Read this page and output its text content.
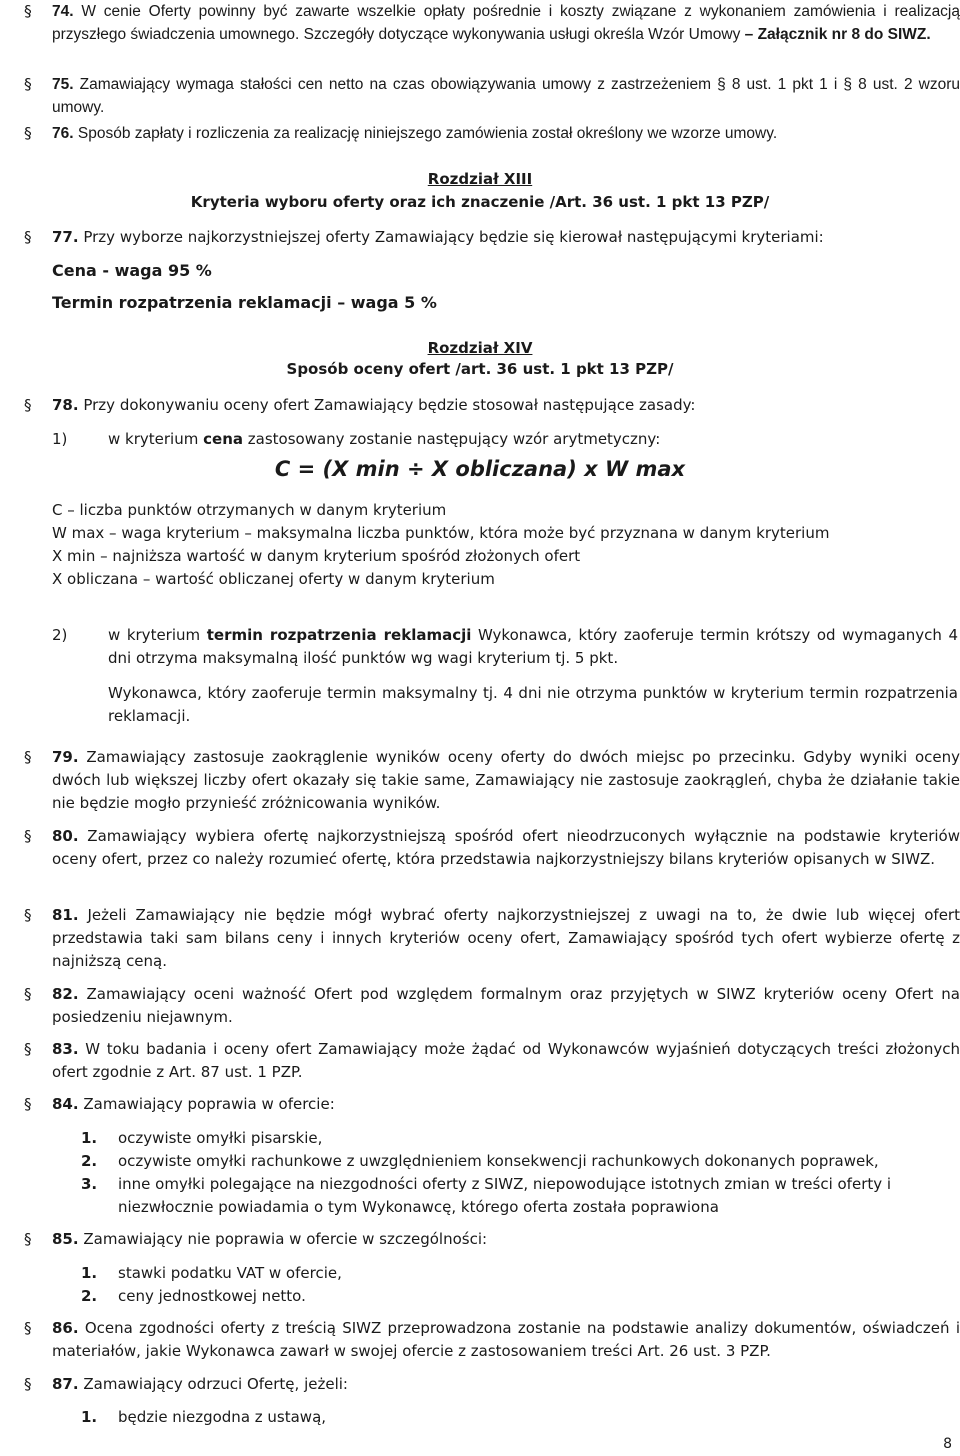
§ 74. W cenie Oferty powinny być zawarte wszelkie opłaty pośrednie i koszty związane z wykonaniem zamówienia i realizacją przyszłego świadczenia umownego. Szczegóły dotyczące wykonywania usługi określa Wzór Umowy – Załącznik nr 8 do SIWZ.
§ 75. Zamawiający wymaga stałości cen netto na czas obowiązywania umowy z zastrzeżeniem § 8 ust. 1 pkt 1 i § 8 ust. 2 wzoru umowy.
§ 76. Sposób zapłaty i rozliczenia za realizację niniejszego zamówienia został określony we wzorze umowy.
Rozdział XIII
Kryteria wyboru oferty oraz ich znaczenie /Art. 36 ust. 1 pkt 13 PZP/
§ 77. Przy wyborze najkorzystniejszej oferty Zamawiający będzie się kierował następującymi kryteriami:
Cena - waga 95 %
Termin rozpatrzenia reklamacji – waga 5 %
Rozdział XIV
Sposób oceny ofert /art. 36 ust. 1 pkt 13 PZP/
§ 78. Przy dokonywaniu oceny ofert Zamawiający będzie stosował następujące zasady:
1)	w kryterium cena zastosowany zostanie następujący wzór arytmetyczny:
C = (X min ÷ X obliczana) x W max
C – liczba punktów otrzymanych w danym kryterium
W max – waga kryterium – maksymalna liczba punktów, która może być przyznana w danym kryterium
X min – najniższa wartość w danym kryterium spośród złożonych ofert
X obliczana – wartość obliczanej oferty w danym kryterium
2)	w kryterium termin rozpatrzenia reklamacji Wykonawca, który zaoferuje termin krótszy od wymaganych 4 dni otrzyma maksymalną ilość punktów wg wagi kryterium tj. 5 pkt.
Wykonawca, który zaoferuje termin maksymalny tj. 4 dni nie otrzyma punktów w kryterium termin rozpatrzenia reklamacji.
§ 79. Zamawiający zastosuje zaokrąglenie wyników oceny oferty do dwóch miejsc po przecinku. Gdyby wyniki oceny dwóch lub większej liczby ofert okazały się takie same, Zamawiający nie zastosuje zaokrągleń, chyba że działanie takie nie będzie mogło przynieść zróżnicowania wyników.
§ 80. Zamawiający wybiera ofertę najkorzystniejszą spośród ofert nieodrzuconych wyłącznie na podstawie kryteriów oceny ofert, przez co należy rozumieć ofertę, która przedstawia najkorzystniejszy bilans kryteriów opisanych w SIWZ.
§ 81. Jeżeli Zamawiający nie będzie mógł wybrać oferty najkorzystniejszej z uwagi na to, że dwie lub więcej ofert przedstawia taki sam bilans ceny i innych kryteriów oceny ofert, Zamawiający spośród tych ofert wybierze ofertę z najniższą ceną.
§ 82. Zamawiający oceni ważność Ofert pod względem formalnym oraz przyjętych w SIWZ kryteriów oceny Ofert na posiedzeniu niejawnym.
§ 83. W toku badania i oceny ofert Zamawiający może żądać od Wykonawców wyjaśnień dotyczących treści złożonych ofert zgodnie z Art. 87 ust. 1 PZP.
§ 84. Zamawiający poprawia w ofercie:
1. oczywiste omyłki pisarskie,
2. oczywiste omyłki rachunkowe z uwzględnieniem konsekwencji rachunkowych dokonanych poprawek,
3. inne omyłki polegające na niezgodności oferty z SIWZ, niepowodujące istotnych zmian w treści oferty i niezwłocznie powiadamia o tym Wykonawcę, którego oferta została poprawiona
§ 85. Zamawiający nie poprawia w ofercie w szczególności:
1. stawki podatku VAT w ofercie,
2. ceny jednostkowej netto.
§ 86. Ocena zgodności oferty z treścią SIWZ przeprowadzona zostanie na podstawie analizy dokumentów, oświadczeń i materiałów, jakie Wykonawca zawarł w swojej ofercie z zastosowaniem treści Art. 26 ust. 3 PZP.
§ 87. Zamawiający odrzuci Ofertę, jeżeli:
1. będzie niezgodna z ustawą,
8
